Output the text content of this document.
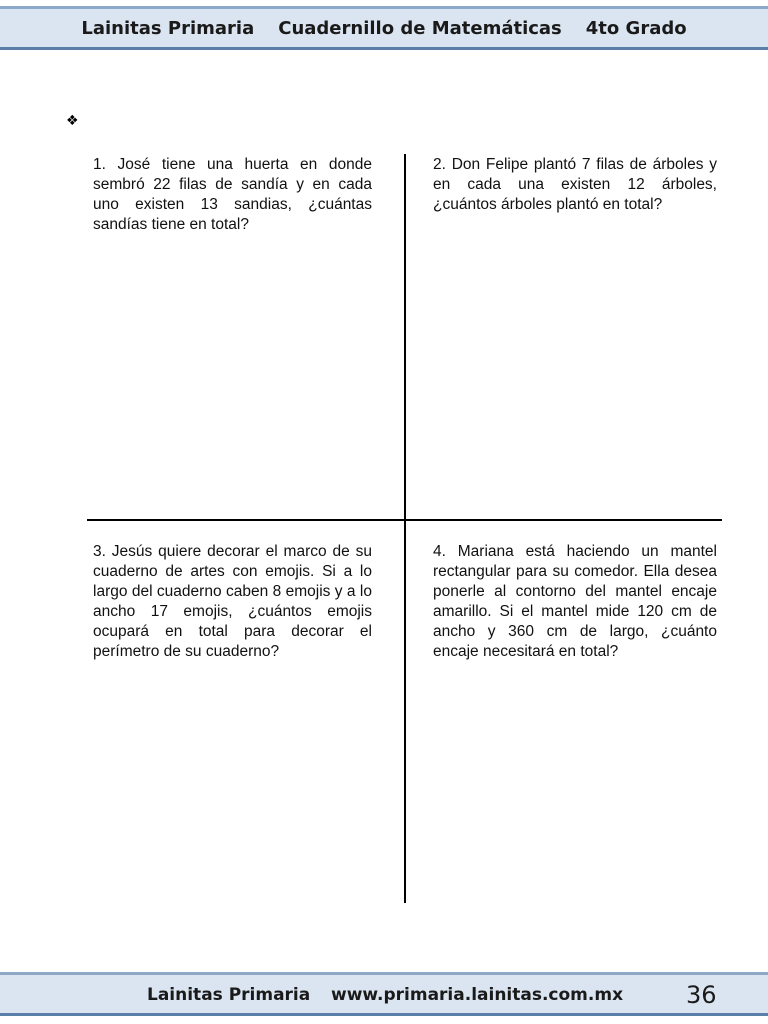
Lainitas Primaria Cuadernillo de Matemáticas 4to Grado
❖
1. José tiene una huerta en donde sembró 22 filas de sandía y en cada uno existen 13 sandias, ¿cuántas sandías tiene en total?
2. Don Felipe plantó 7 filas de árboles y en cada una existen 12 árboles, ¿cuántos árboles plantó en total?
3. Jesús quiere decorar el marco de su cuaderno de artes con emojis. Si a lo largo del cuaderno caben 8 emojis y a lo ancho 17 emojis, ¿cuántos emojis ocupará en total para decorar el perímetro de su cuaderno?
4. Mariana está haciendo un mantel rectangular para su comedor. Ella desea ponerle al contorno del mantel encaje amarillo. Si el mantel mide 120 cm de ancho y 360 cm de largo, ¿cuánto encaje necesitará en total?
Lainitas Primaria www.primaria.lainitas.com.mx	36
